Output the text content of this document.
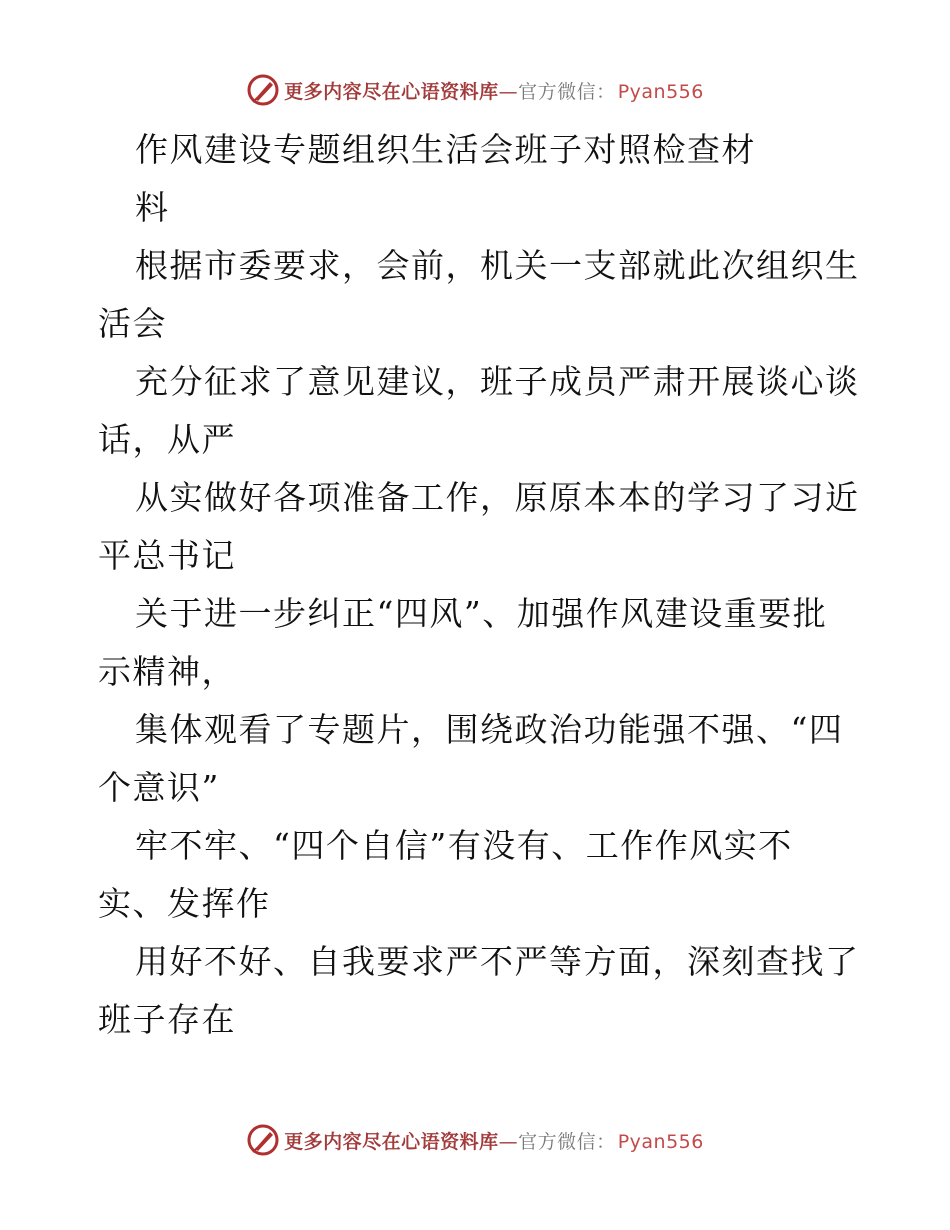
更多内容尽在心语资料库—官方微信： Pyan556
作风建设专题组织生活会班子对照检查材
料
根据市委要求，会前，机关一支部就此次组织生
活会
充分征求了意见建议，班子成员严肃开展谈心谈
话，从严
从实做好各项准备工作，原原本本的学习了习近
平总书记
关于进一步纠正“四风”、加强作风建设重要批
示精神，
集体观看了专题片，围绕政治功能强不强、“四
个意识”
牢不牢、“四个自信”有没有、工作作风实不
实、发挥作
用好不好、自我要求严不严等方面，深刻查找了
班子存在
更多内容尽在心语资料库—官方微信： Pyan556
